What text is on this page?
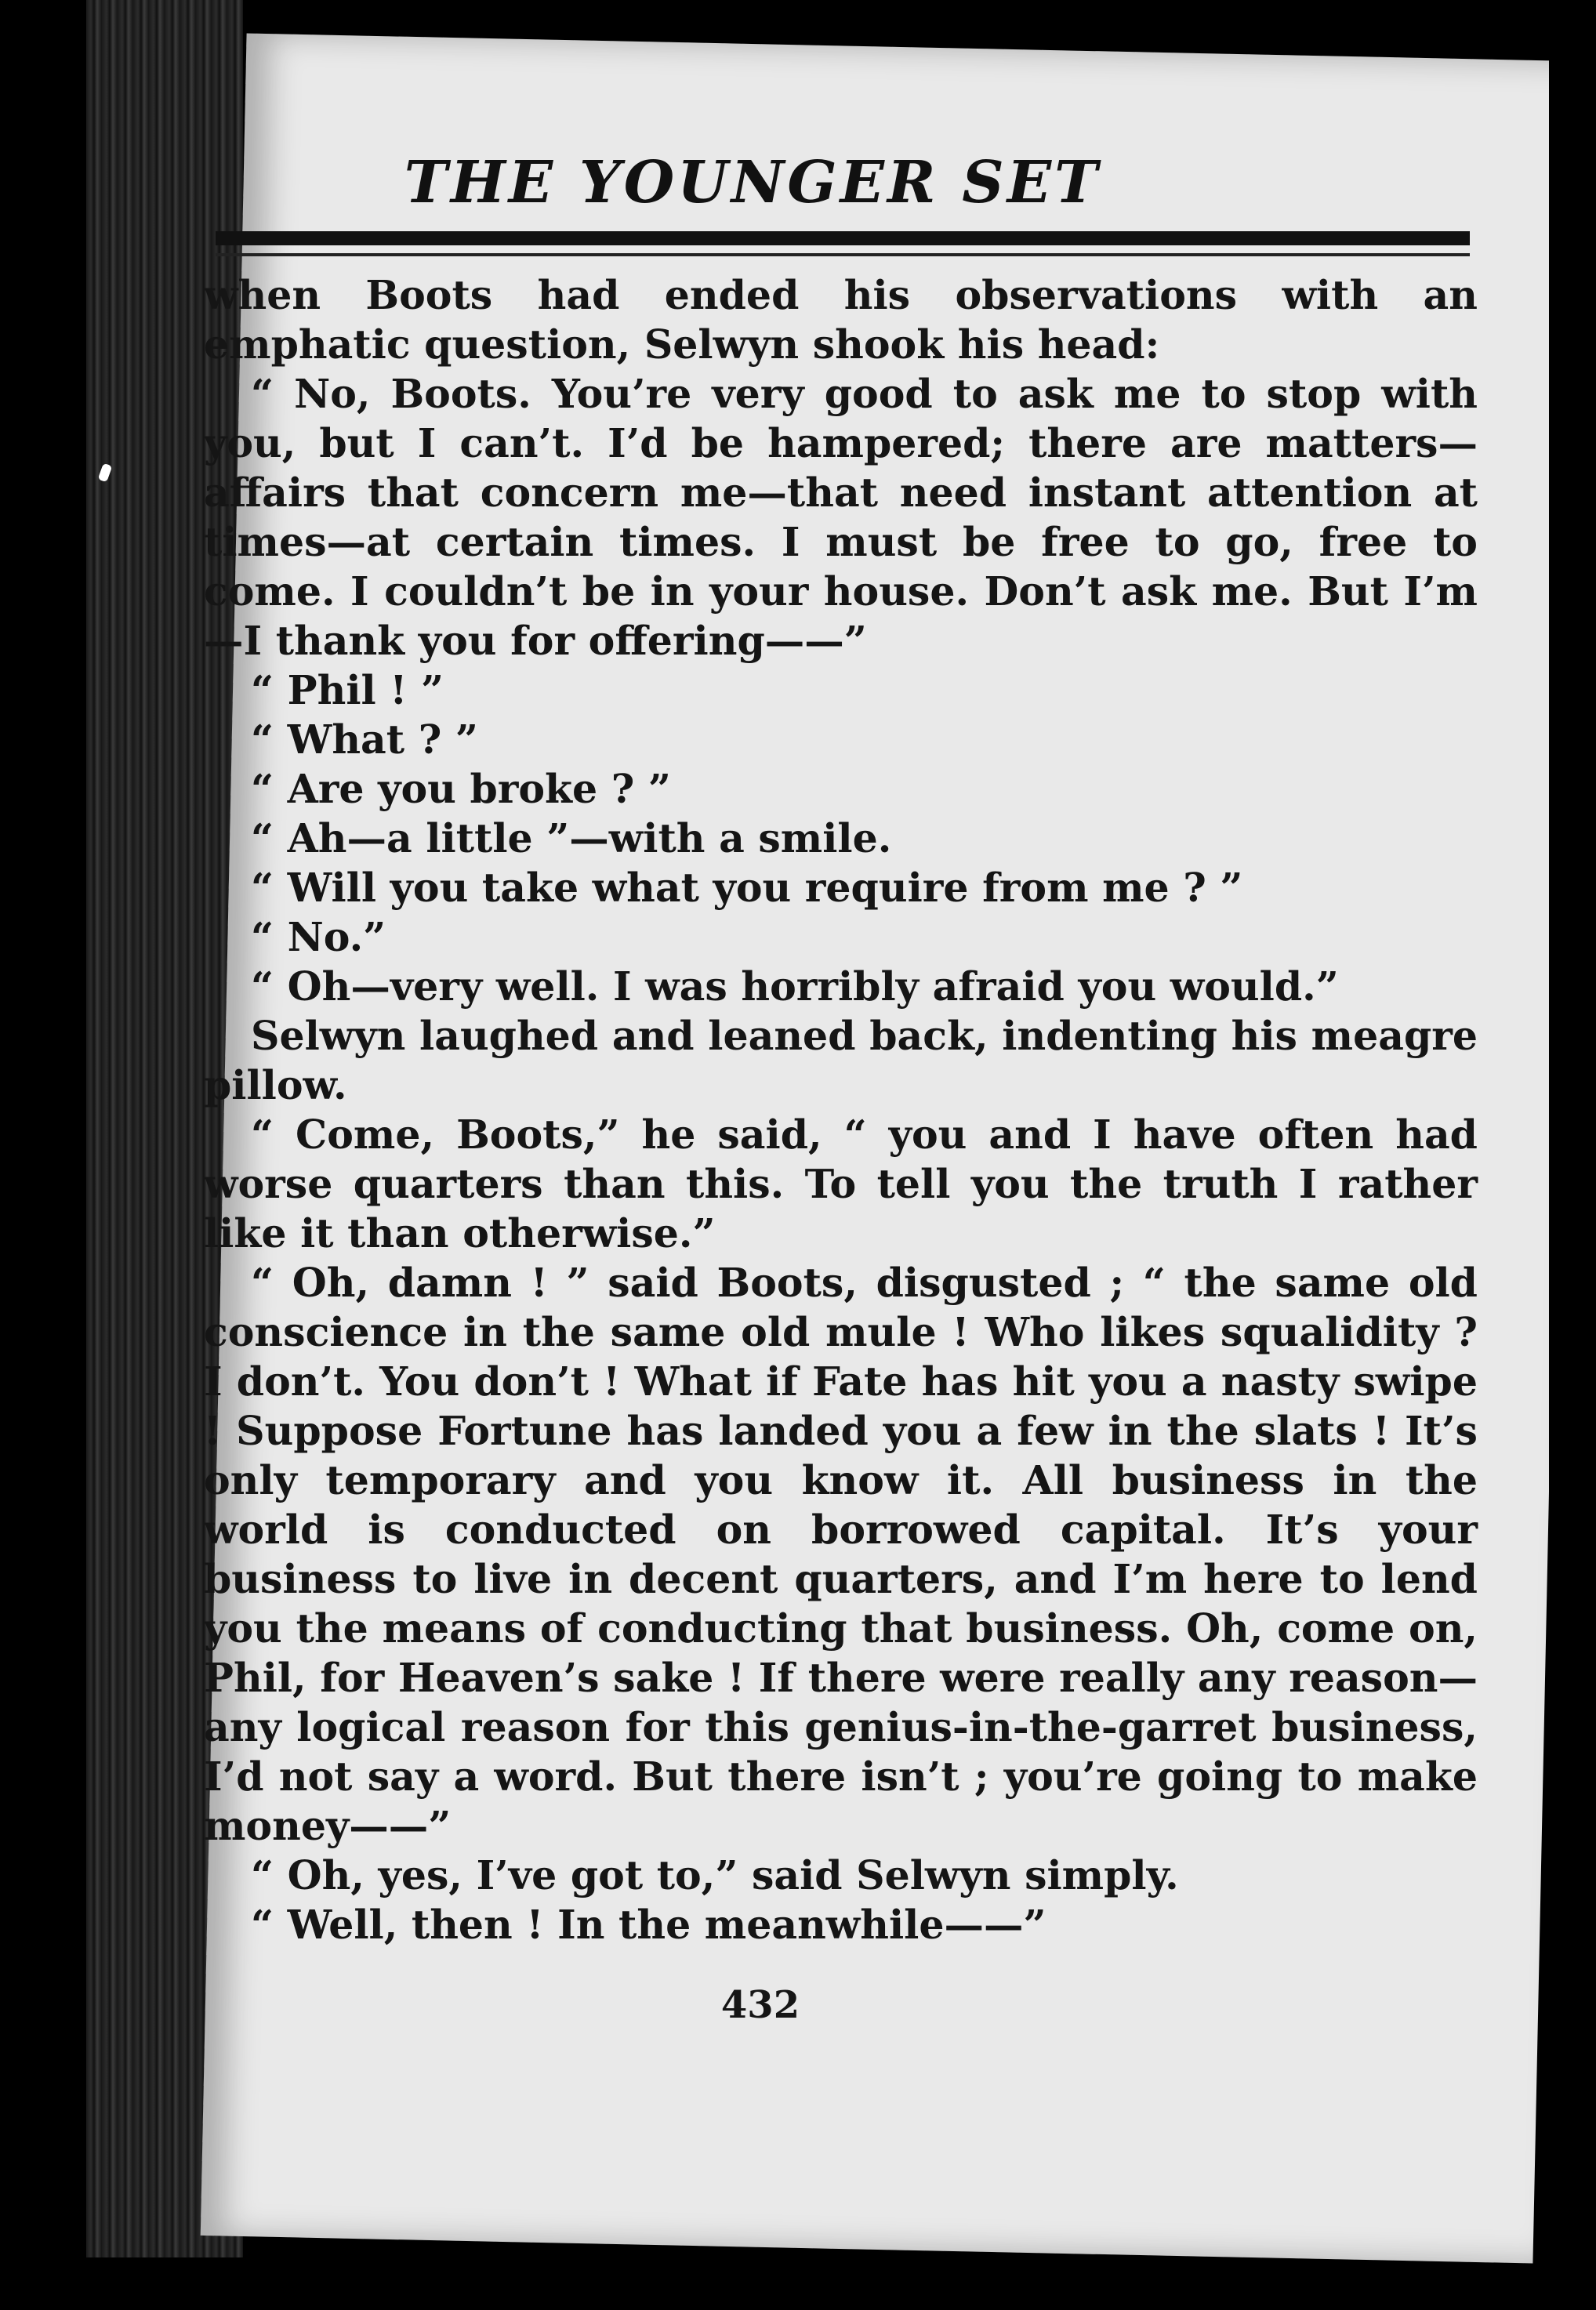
THE YOUNGER SET

when Boots had ended his observations with an emphatic question, Selwyn shook his head:

“ No, Boots. You’re very good to ask me to stop with you, but I can’t. I’d be hampered; there are matters—affairs that concern me—that need instant attention at times—at certain times. I must be free to go, free to come. I couldn’t be in your house. Don’t ask me. But I’m—I thank you for offering——”

“ Phil ! ”

“ What ? ”

“ Are you broke ? ”

“ Ah—a little ”—with a smile.

“ Will you take what you require from me ? ”

“ No.”

“ Oh—very well. I was horribly afraid you would.”

Selwyn laughed and leaned back, indenting his meagre pillow.

“ Come, Boots,” he said, “ you and I have often had worse quarters than this. To tell you the truth I rather like it than otherwise.”

“ Oh, damn ! ” said Boots, disgusted ; “ the same old conscience in the same old mule ! Who likes squalidity ? I don’t. You don’t ! What if Fate has hit you a nasty swipe ! Suppose Fortune has landed you a few in the slats ! It’s only temporary and you know it. All business in the world is conducted on borrowed capital. It’s your business to live in decent quarters, and I’m here to lend you the means of conducting that business. Oh, come on, Phil, for Heaven’s sake ! If there were really any reason—any logical reason for this genius-in-the-garret business, I’d not say a word. But there isn’t ; you’re going to make money——”

“ Oh, yes, I’ve got to,” said Selwyn simply.

“ Well, then ! In the meanwhile——”

432
